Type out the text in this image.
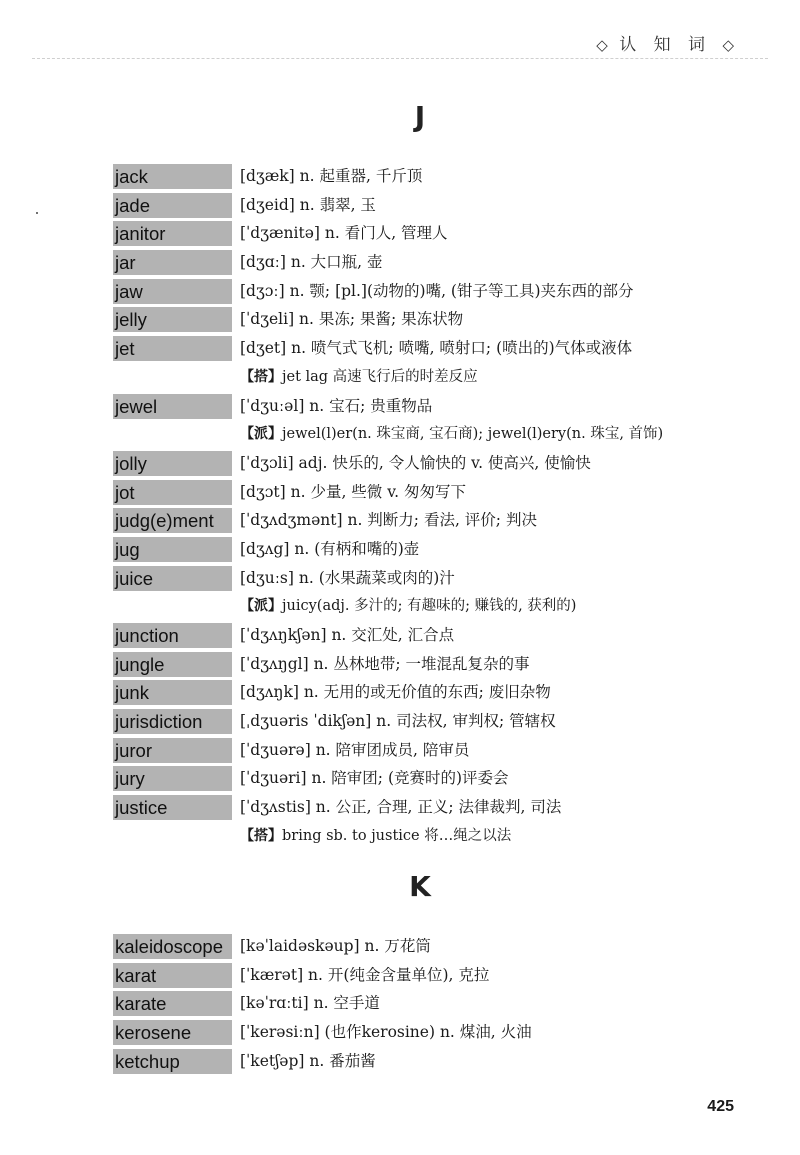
◇ 认 知 词 ◇
J
jack	[dʒæk] n. 起重器, 千斤顶
jade	[dʒeid] n. 翡翠, 玉
janitor	[ˈdʒænitə] n. 看门人, 管理人
jar	[dʒɑː] n. 大口瓶, 壶
jaw	[dʒɔː] n. 颚; [pl.](动物的)嘴, (钳子等工具)夹东西的部分
jelly	[ˈdʒeli] n. 果冻; 果酱; 果冻状物
jet	[dʒet] n. 喷气式飞机; 喷嘴, 喷射口; (喷出的)气体或液体
【搭】jet lag 高速飞行后的时差反应
jewel	[ˈdʒuːəl] n. 宝石; 贵重物品
【派】jewel(l)er(n. 珠宝商, 宝石商); jewel(l)ery(n. 珠宝, 首饰)
jolly	[ˈdʒɔli] adj. 快乐的, 令人愉快的 v. 使高兴, 使愉快
jot	[dʒɔt] n. 少量, 些微 v. 匆匆写下
judg(e)ment	[ˈdʒʌdʒmənt] n. 判断力; 看法, 评价; 判决
jug	[dʒʌg] n. (有柄和嘴的)壶
juice	[dʒuːs] n. (水果蔬菜或肉的)汁
【派】juicy(adj. 多汁的; 有趣味的; 赚钱的, 获利的)
junction	[ˈdʒʌŋkʃən] n. 交汇处, 汇合点
jungle	[ˈdʒʌŋgl] n. 丛林地带; 一堆混乱复杂的事
junk	[dʒʌŋk] n. 无用的或无价值的东西; 废旧杂物
jurisdiction	[ˌdʒuəris ˈdikʃən] n. 司法权, 审判权; 管辖权
juror	[ˈdʒuərə] n. 陪审团成员, 陪审员
jury	[ˈdʒuəri] n. 陪审团; (竞赛时的)评委会
justice	[ˈdʒʌstis] n. 公正, 合理, 正义; 法律裁判, 司法
【搭】bring sb. to justice 将…绳之以法
K
kaleidoscope	[kəˈlaidəskəup] n. 万花筒
karat	[ˈkærət] n. 开(纯金含量单位), 克拉
karate	[kəˈrɑːti] n. 空手道
kerosene	[ˈkerəsiːn] (也作kerosine) n. 煤油, 火油
ketchup	[ˈketʃəp] n. 番茄酱
425
